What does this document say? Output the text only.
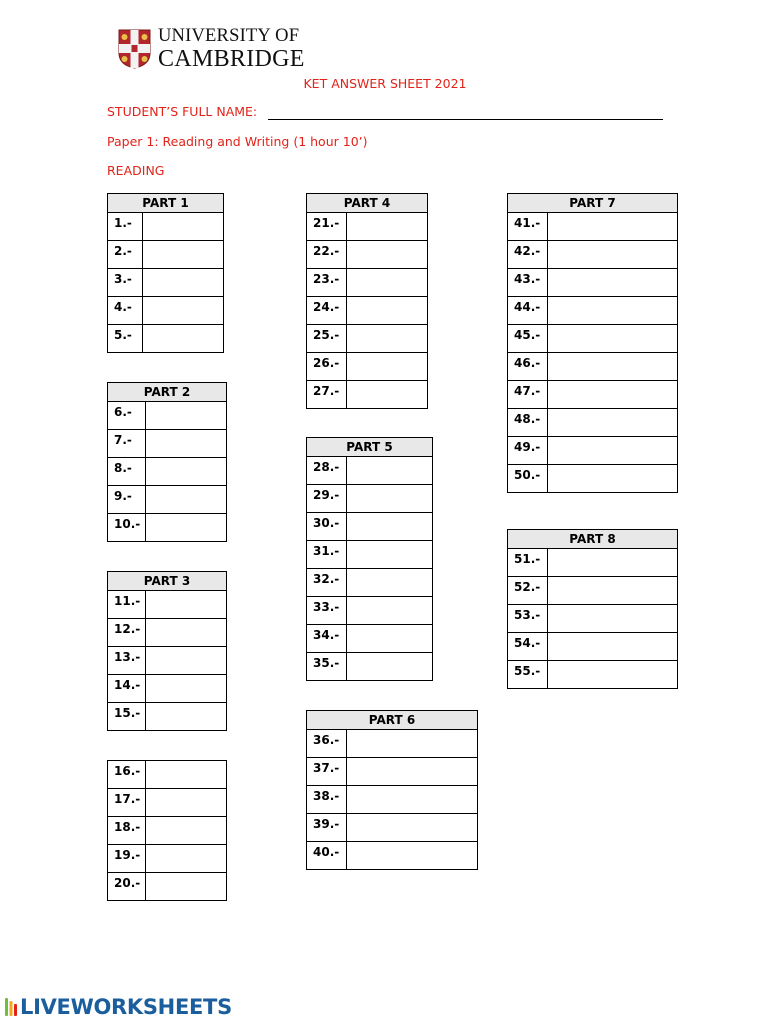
UNIVERSITY OF
CAMBRIDGE
KET ANSWER SHEET 2021
STUDENT’S FULL NAME:
Paper 1: Reading and Writing (1 hour 10’)
READING
PART 1
1.-
2.-
3.-
4.-
5.-
PART 2
6.-
7.-
8.-
9.-
10.-
PART 3
11.-
12.-
13.-
14.-
15.-
16.-
17.-
18.-
19.-
20.-
PART 4
21.-
22.-
23.-
24.-
25.-
26.-
27.-
PART 5
28.-
29.-
30.-
31.-
32.-
33.-
34.-
35.-
PART 6
36.-
37.-
38.-
39.-
40.-
PART 7
41.-
42.-
43.-
44.-
45.-
46.-
47.-
48.-
49.-
50.-
PART 8
51.-
52.-
53.-
54.-
55.-
LIVEWORKSHEETS
